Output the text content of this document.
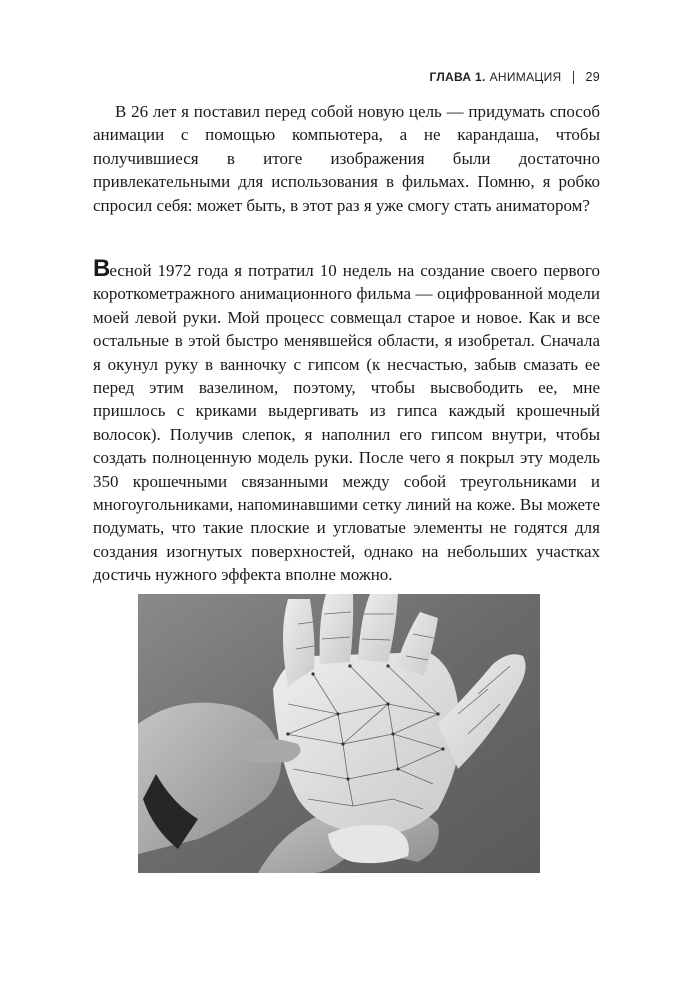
ГЛАВА 1. АНИМАЦИЯ 29

В 26 лет я поставил перед собой новую цель — придумать способ анимации с помощью компьютера, а не карандаша, чтобы получившиеся в итоге изображения были достаточно привлекательными для использования в фильмах. Помню, я робко спросил себя: может быть, в этот раз я уже смогу стать аниматором?

Весной 1972 года я потратил 10 недель на создание своего первого короткометражного анимационного фильма — оцифрованной модели моей левой руки. Мой процесс совмещал старое и новое. Как и все остальные в этой быстро менявшейся области, я изобретал. Сначала я окунул руку в ванночку с гипсом (к несчастью, забыв смазать ее перед этим вазелином, поэтому, чтобы высвободить ее, мне пришлось с криками выдергивать из гипса каждый крошечный волосок). Получив слепок, я наполнил его гипсом внутри, чтобы создать полноценную модель руки. После чего я покрыл эту модель 350 крошечными связанными между собой треугольниками и многоугольниками, напоминавшими сетку линий на коже. Вы можете подумать, что такие плоские и угловатые элементы не годятся для создания изогнутых поверхностей, однако на небольших участках достичь нужного эффекта вполне можно.
